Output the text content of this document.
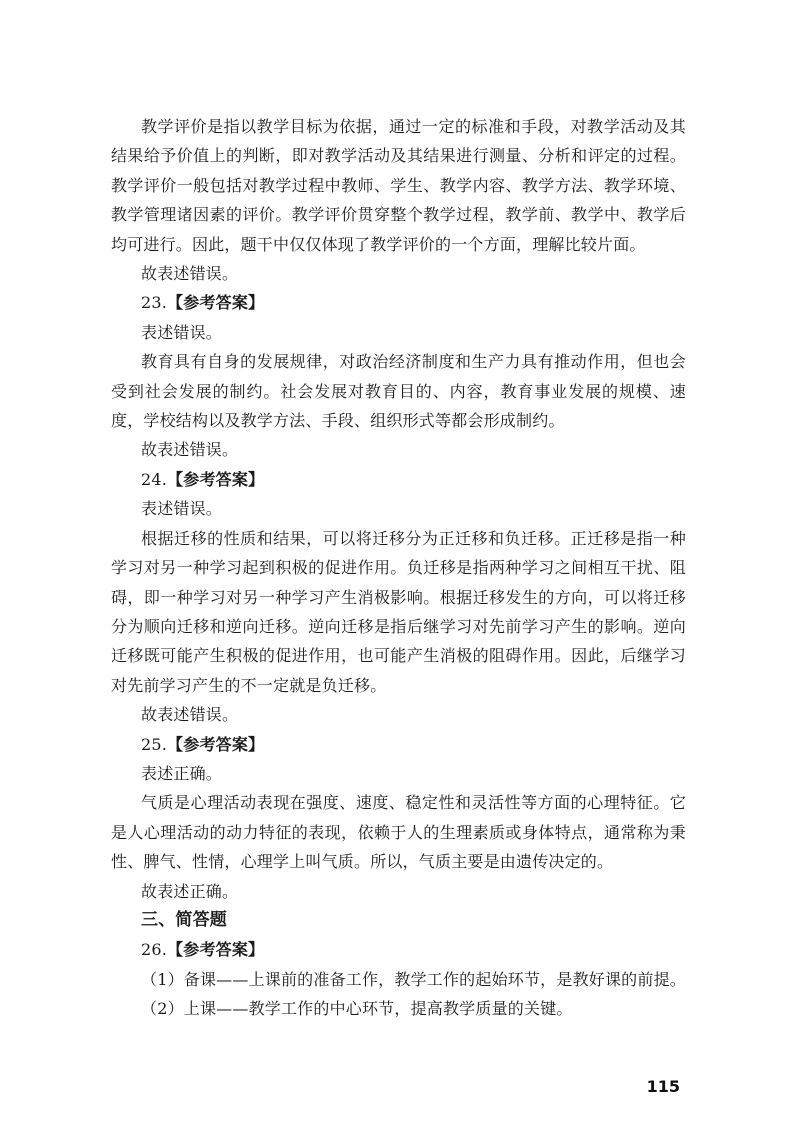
教学评价是指以教学目标为依据，通过一定的标准和手段，对教学活动及其结果给予价值上的判断，即对教学活动及其结果进行测量、分析和评定的过程。教学评价一般包括对教学过程中教师、学生、教学内容、教学方法、教学环境、教学管理诸因素的评价。教学评价贯穿整个教学过程，教学前、教学中、教学后均可进行。因此，题干中仅仅体现了教学评价的一个方面，理解比较片面。

故表述错误。

23.【参考答案】

表述错误。

教育具有自身的发展规律，对政治经济制度和生产力具有推动作用，但也会受到社会发展的制约。社会发展对教育目的、内容，教育事业发展的规模、速度，学校结构以及教学方法、手段、组织形式等都会形成制约。

故表述错误。

24.【参考答案】

表述错误。

根据迁移的性质和结果，可以将迁移分为正迁移和负迁移。正迁移是指一种学习对另一种学习起到积极的促进作用。负迁移是指两种学习之间相互干扰、阻碍，即一种学习对另一种学习产生消极影响。根据迁移发生的方向，可以将迁移分为顺向迁移和逆向迁移。逆向迁移是指后继学习对先前学习产生的影响。逆向迁移既可能产生积极的促进作用，也可能产生消极的阻碍作用。因此，后继学习对先前学习产生的不一定就是负迁移。

故表述错误。

25.【参考答案】

表述正确。

气质是心理活动表现在强度、速度、稳定性和灵活性等方面的心理特征。它是人心理活动的动力特征的表现，依赖于人的生理素质或身体特点，通常称为秉性、脾气、性情，心理学上叫气质。所以，气质主要是由遗传决定的。

故表述正确。

三、简答题

26.【参考答案】

（1）备课——上课前的准备工作，教学工作的起始环节，是教好课的前提。

（2）上课——教学工作的中心环节，提高教学质量的关键。

115
